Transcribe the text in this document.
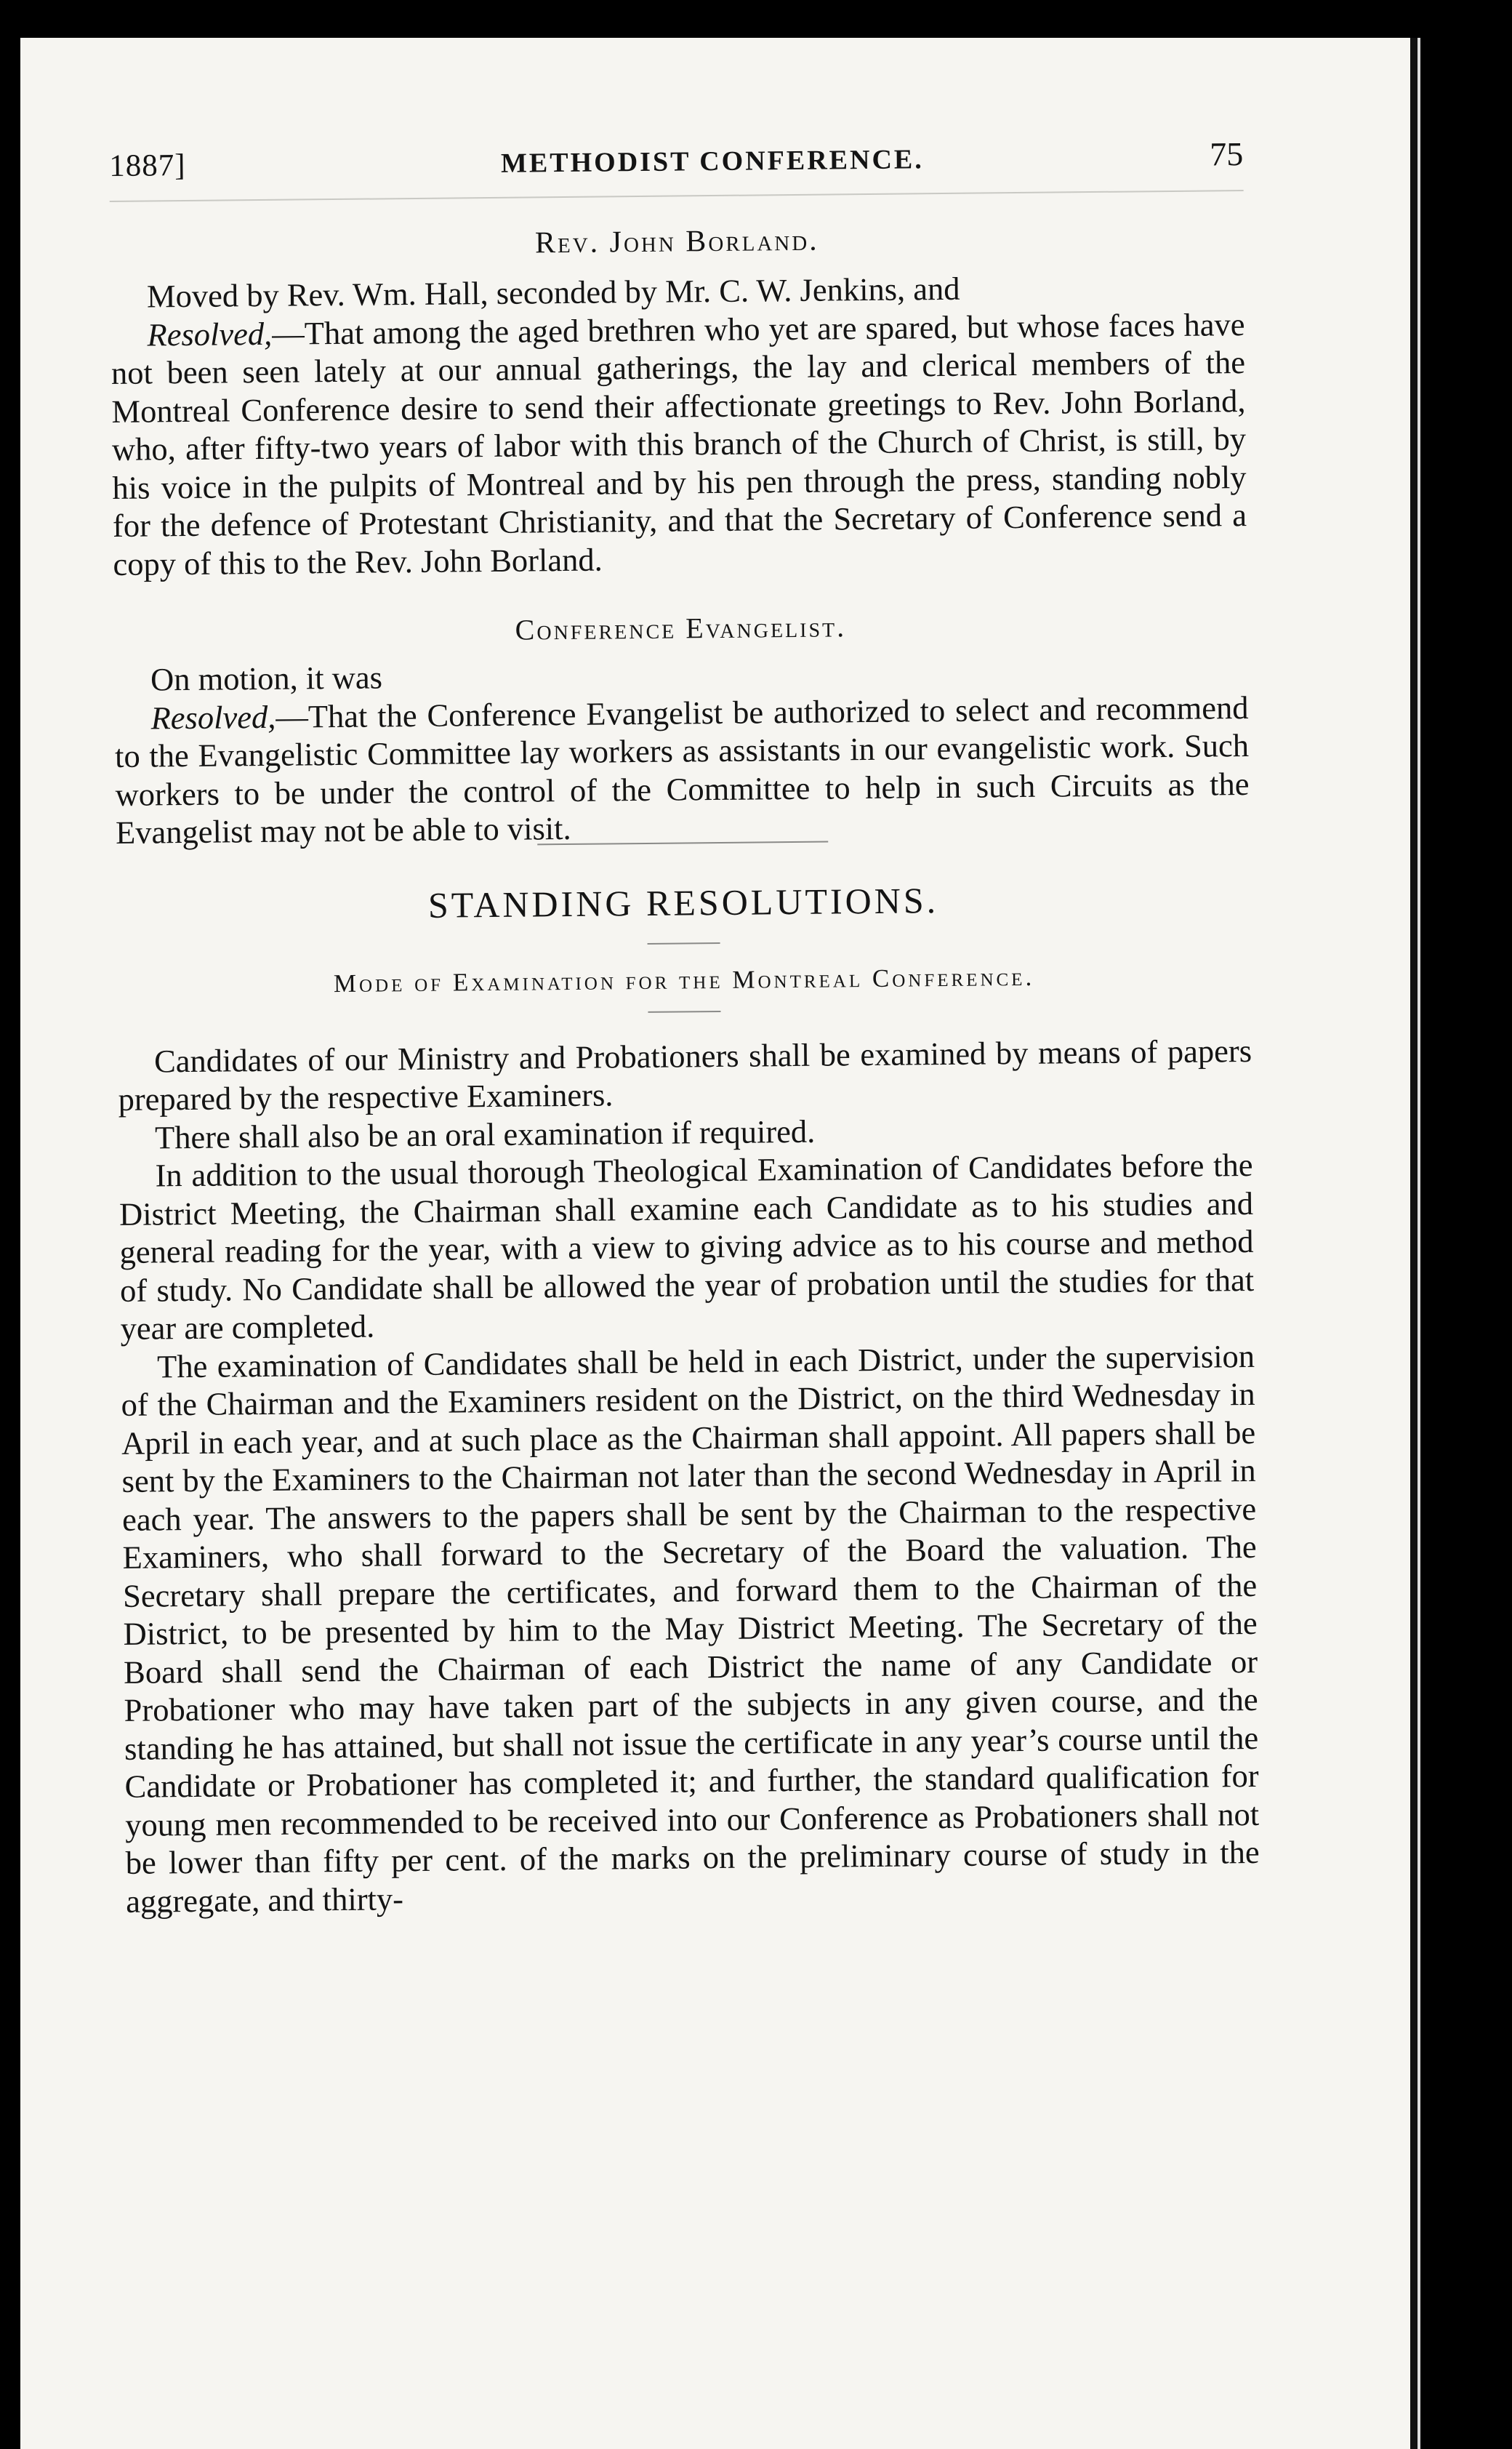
1887]	METHODIST CONFERENCE.	75
Rev. John Borland.

Moved by Rev. Wm. Hall, seconded by Mr. C. W. Jenkins, and

Resolved,—That among the aged brethren who yet are spared, but whose faces have not been seen lately at our annual gatherings, the lay and clerical members of the Montreal Conference desire to send their affectionate greetings to Rev. John Borland, who, after fifty-two years of labor with this branch of the Church of Christ, is still, by his voice in the pulpits of Montreal and by his pen through the press, standing nobly for the defence of Protestant Christianity, and that the Secretary of Conference send a copy of this to the Rev. John Borland.

Conference Evangelist.

On motion, it was

Resolved,—That the Conference Evangelist be authorized to select and recommend to the Evangelistic Committee lay workers as assistants in our evangelistic work. Such workers to be under the control of the Committee to help in such Circuits as the Evangelist may not be able to visit.

STANDING RESOLUTIONS.
Mode of Examination for the Montreal Conference.

Candidates of our Ministry and Probationers shall be examined by means of papers prepared by the respective Examiners.

There shall also be an oral examination if required.

In addition to the usual thorough Theological Examination of Candidates before the District Meeting, the Chairman shall examine each Candidate as to his studies and general reading for the year, with a view to giving advice as to his course and method of study. No Candidate shall be allowed the year of probation until the studies for that year are completed.

The examination of Candidates shall be held in each District, under the supervision of the Chairman and the Examiners resident on the District, on the third Wednesday in April in each year, and at such place as the Chairman shall appoint. All papers shall be sent by the Examiners to the Chairman not later than the second Wednesday in April in each year. The answers to the papers shall be sent by the Chairman to the respective Examiners, who shall forward to the Secretary of the Board the valuation. The Secretary shall prepare the certificates, and forward them to the Chairman of the District, to be presented by him to the May District Meeting. The Secretary of the Board shall send the Chairman of each District the name of any Candidate or Probationer who may have taken part of the subjects in any given course, and the standing he has attained, but shall not issue the certificate in any year’s course until the Candidate or Probationer has completed it; and further, the standard qualification for young men recommended to be received into our Conference as Probationers shall not be lower than fifty per cent. of the marks on the preliminary course of study in the aggregate, and thirty-
